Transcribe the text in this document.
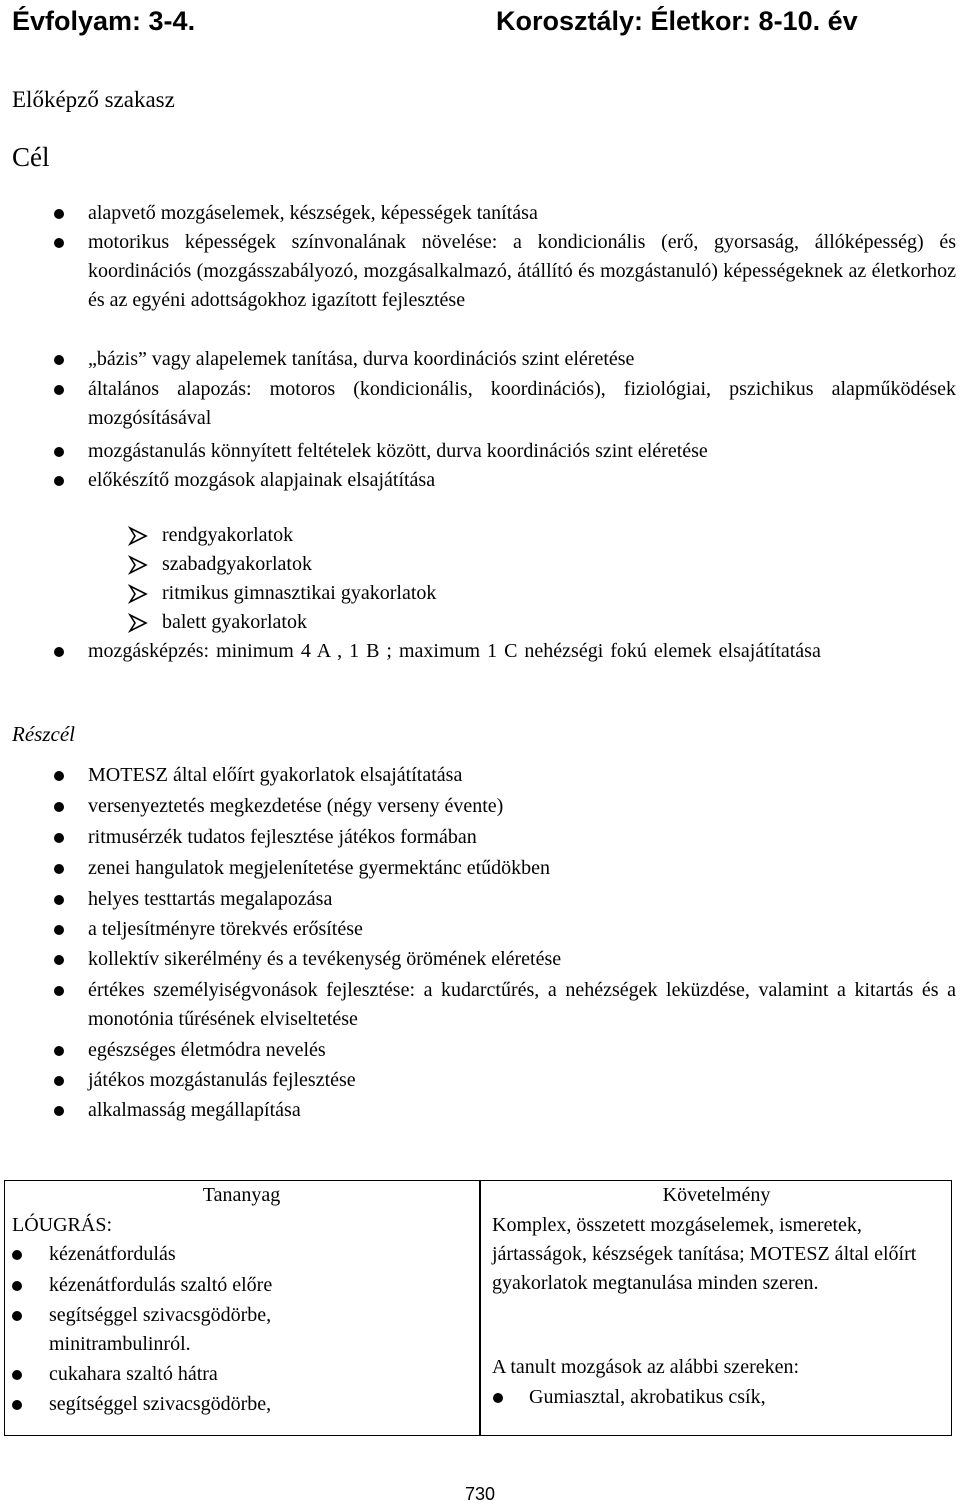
Évfolyam: 3-4.	Korosztály: Életkor: 8-10. év
Előképző szakasz
Cél
alapvető mozgáselemek, készségek, képességek tanítása
motorikus képességek színvonalának növelése: a kondicionális (erő, gyorsaság, állóképesség) és koordinációs (mozgásszabályozó, mozgásalkalmazó, átállító és mozgástanuló) képességeknek az életkorhoz és az egyéni adottságokhoz igazított fejlesztése
„bázis” vagy alapelemek tanítása, durva koordinációs szint eléretése
általános alapozás: motoros (kondicionális, koordinációs), fiziológiai, pszichikus alapműködések mozgósításával
mozgástanulás könnyített feltételek között, durva koordinációs szint eléretése
előkészítő mozgások alapjainak elsajátítása
rendgyakorlatok
szabadgyakorlatok
ritmikus gimnasztikai gyakorlatok
balett gyakorlatok
mozgásképzés: minimum 4 A , 1 B ; maximum 1 C nehézségi fokú elemek elsajátítatása
Részcél
MOTESZ által előírt gyakorlatok elsajátítatása
versenyeztetés megkezdetése (négy verseny évente)
ritmusérzék tudatos fejlesztése játékos formában
zenei hangulatok megjelenítetése gyermektánc etűdökben
helyes testtartás megalapozása
a teljesítményre törekvés erősítése
kollektív sikerélmény és a tevékenység örömének eléretése
értékes személyiségvonások fejlesztése: a kudarctűrés, a nehézségek leküzdése, valamint a kitartás és a monotónia tűrésének elviseltetése
egészséges életmódra nevelés
játékos mozgástanulás fejlesztése
alkalmasság megállapítása
Tananyag	Követelmény
LÓUGRÁS:
kézenátfordulás
kézenátfordulás szaltó előre
segítséggel szivacsgödörbe, minitrambulinról.
cukahara szaltó hátra
segítséggel szivacsgödörbe,
Komplex, összetett mozgáselemek, ismeretek, jártasságok, készségek tanítása; MOTESZ által előírt gyakorlatok megtanulása minden szeren.
A tanult mozgások az alábbi szereken:
Gumiasztal, akrobatikus csík,
730
